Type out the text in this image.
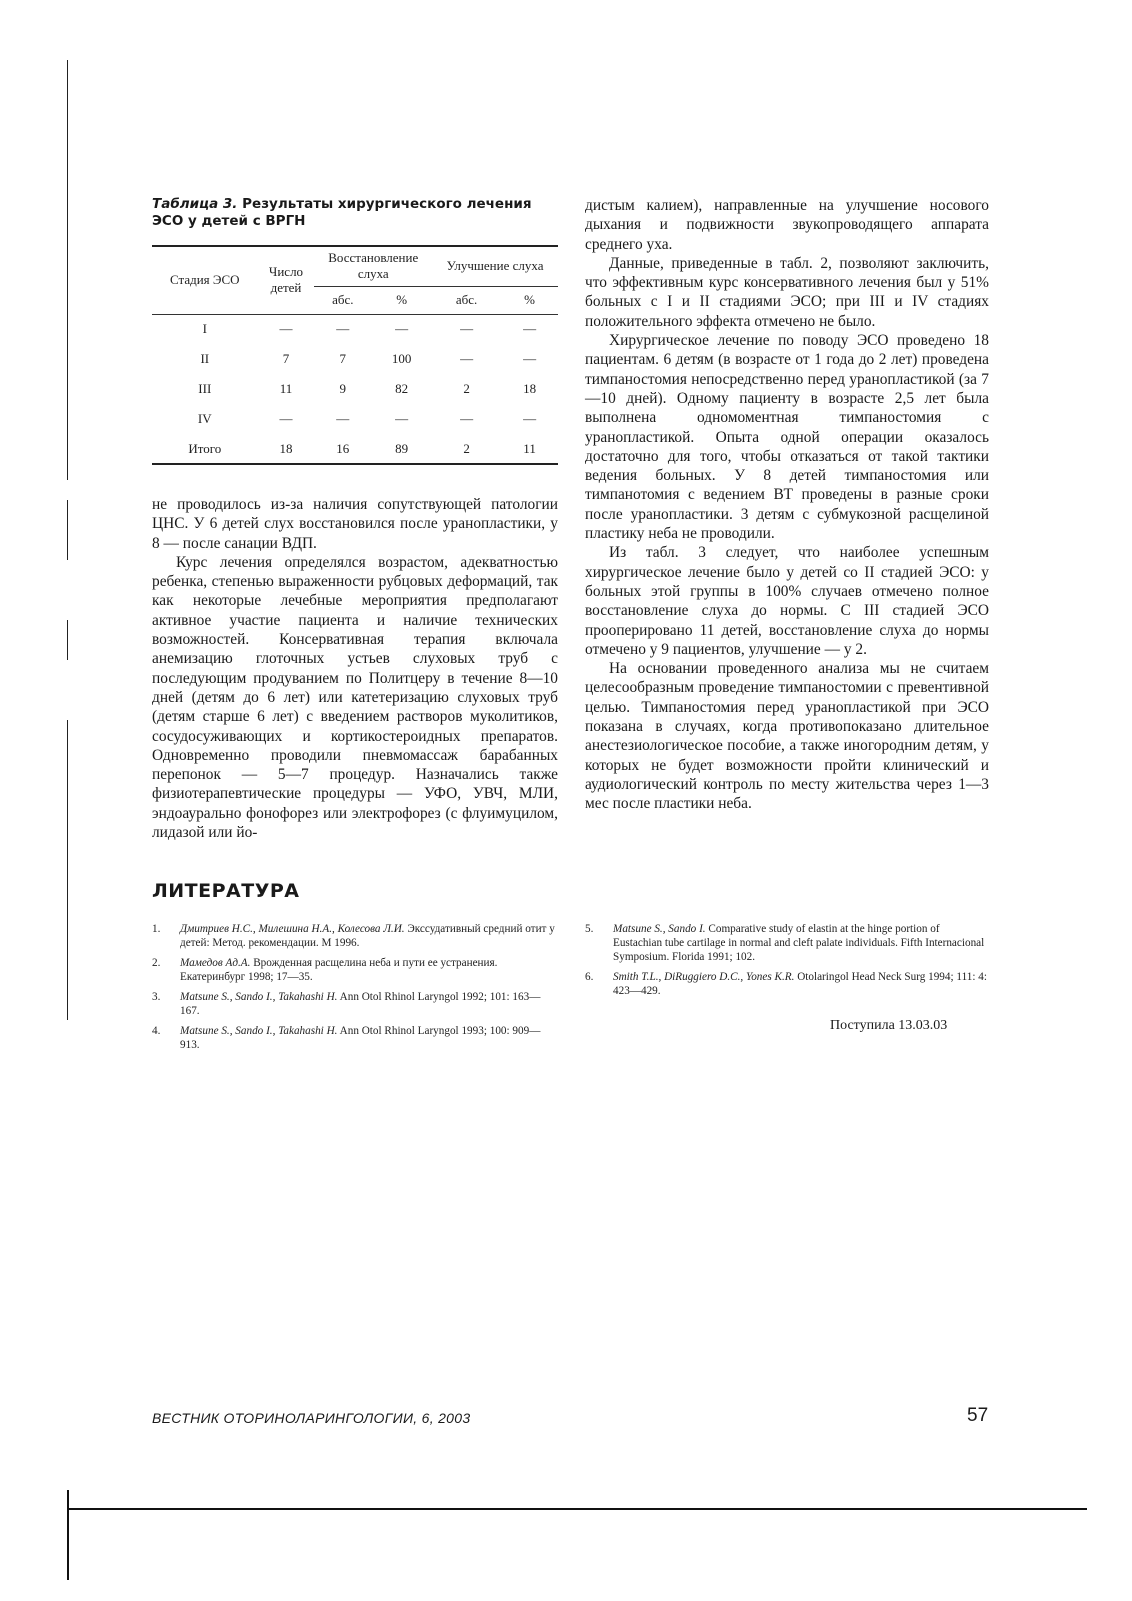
Таблица 3. Результаты хирургического лечения ЭСО у детей с ВРГН
Стадия ЭСО	Число детей	Восстановление слуха		Улучшение слуха	
		абс.	%	абс.	%
I	—	—	—	—	—
II	7	7	100	—	—
III	11	9	82	2	18
IV	—	—	—	—	—
Итого	18	16	89	2	11

не проводилось из-за наличия сопутствующей патологии ЦНС. У 6 детей слух восстановился после уранопластики, у 8 — после санации ВДП.

Курс лечения определялся возрастом, адекватностью ребенка, степенью выраженности рубцовых деформаций, так как некоторые лечебные мероприятия предполагают активное участие пациента и наличие технических возможностей. Консервативная терапия включала анемизацию глоточных устьев слуховых труб с последующим продуванием по Политцеру в течение 8—10 дней (детям до 6 лет) или катетеризацию слуховых труб (детям старше 6 лет) с введением растворов муколитиков, сосудосуживающих и кортикостероидных препаратов. Одновременно проводили пневмомассаж барабанных перепонок — 5—7 процедур. Назначались также физиотерапевтические процедуры — УФО, УВЧ, МЛИ, эндоаурально фонофорез или электрофорез (с флуимуцилом, лидазой или йо-

дистым калием), направленные на улучшение носового дыхания и подвижности звукопроводящего аппарата среднего уха.

Данные, приведенные в табл. 2, позволяют заключить, что эффективным курс консервативного лечения был у 51% больных с I и II стадиями ЭСО; при III и IV стадиях положительного эффекта отмечено не было.

Хирургическое лечение по поводу ЭСО проведено 18 пациентам. 6 детям (в возрасте от 1 года до 2 лет) проведена тимпаностомия непосредственно перед уранопластикой (за 7—10 дней). Одному пациенту в возрасте 2,5 лет была выполнена одномоментная тимпаностомия с уранопластикой. Опыта одной операции оказалось достаточно для того, чтобы отказаться от такой тактики ведения больных. У 8 детей тимпаностомия или тимпанотомия с ведением ВТ проведены в разные сроки после уранопластики. 3 детям с субмукозной расщелиной пластику неба не проводили.

Из табл. 3 следует, что наиболее успешным хирургическое лечение было у детей со II стадией ЭСО: у больных этой группы в 100% случаев отмечено полное восстановление слуха до нормы. С III стадией ЭСО прооперировано 11 детей, восстановление слуха до нормы отмечено у 9 пациентов, улучшение — у 2.

На основании проведенного анализа мы не считаем целесообразным проведение тимпаностомии с превентивной целью. Тимпаностомия перед уранопластикой при ЭСО показана в случаях, когда противопоказано длительное анестезиологическое пособие, а также иногородним детям, у которых не будет возможности пройти клинический и аудиологический контроль по месту жительства через 1—3 мес после пластики неба.

ЛИТЕРАТУРА
1.	Дмитриев Н.С., Милешина Н.А., Колесова Л.И. Экссудативный средний отит у детей: Метод. рекомендации. М 1996.
2.	Мамедов Ад.А. Врожденная расщелина неба и пути ее устранения. Екатеринбург 1998; 17—35.
3.	Matsune S., Sando I., Takahashi H. Ann Otol Rhinol Laryngol 1992; 101: 163—167.
4.	Matsune S., Sando I., Takahashi H. Ann Otol Rhinol Laryngol 1993; 100: 909—913.
5.	Matsune S., Sando I. Comparative study of elastin at the hinge portion of Eustachian tube cartilage in normal and cleft palate individuals. Fifth Internacional Symposium. Florida 1991; 102.
6.	Smith T.L., DiRuggiero D.C., Yones K.R. Otolaringol Head Neck Surg 1994; 111: 4: 423—429.
Поступила 13.03.03
ВЕСТНИК ОТОРИНОЛАРИНГОЛОГИИ, 6, 2003	57
